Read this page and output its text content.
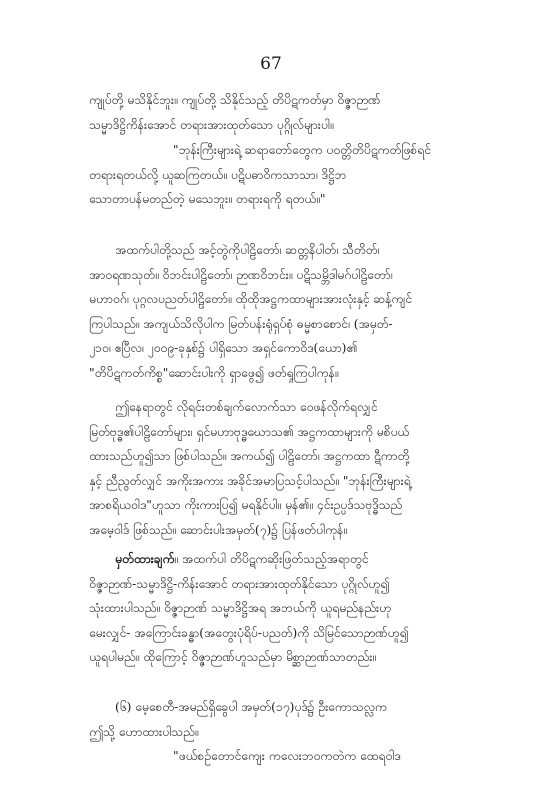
67
ကျုပ်တို့ မသိနိုင်ဘူး။ ကျုပ်တို့ သိနိုင်သည့် တိပိဋကတ်မှာ ဝိဇ္ဇာဉာဏ်
သမ္မာဒိဋ္ဌိကိန်းအောင် တရားအားထုတ်သော ပုဂ္ဂိုလ်များပါ။
"ဘုန်းကြီးများရဲ့ ဆရာတော်တွေက ပဝတ္တိတိပိဋကတ်ဖြစ်ရင်
တရားရတယ်လို့ ယူဆကြတယ်။ ပဋိပဓာဝိကသာသာ၊ ဒိဋ္ဌိဘ
သောတာပန်မတည်တဲ့ မသေဘူး။ တရားရကို ရတယ်။"
အထက်ပါတို့သည် အင့်တွဲကိုပါဠိတော်၊ ဆတ္တနိပါတ်၊ သီတိတ်၊
အာဝရဏသုတ်။ ဝိဘင်းပါဠိတော်၊ ဉာဏဝိဘင်း။ ပဋိသမ္ဘိဒါမဂ်ပါဠိတော်၊
မဟာဝဂ်၊ ပုဂ္ဂလပညတ်ပါဠိတော်။ ထိုထိုအဋ္ဌကထာများအားလုံးနှင့် ဆန့်ကျင်
ကြပါသည်။ အကျယ်သိလိုပါက မြတ်ပန်းရုံရှပ်စုံ ဓမ္မစာစောင်၊ (အမှတ်-
၂၁၀၊ ဧပြီလ၊ ၂၀၀၉-ခုနှစ်၌ ပါရှိသော အရှင်ကောဝိဒ(ယော)၏
"တိပိဋကတ်ကိစ္စ"ဆောင်းပါးကို ရှာဖွေ၍ ဖတ်ရှုကြပါကုန်။
ဤနေရာတွင် လိုရင်းတစ်ချက်လောက်သာ ဝေဖန်လိုက်ရလျှင်
မြတ်ဗုဒ္ဓ၏ပါဠိတော်များ၊ ရှင်မဟာဗုဒ္ဓဃောသ၏ အဋ္ဌကထာများကို မစိပယ်
ထားသည်ဟူ၍သာ ဖြစ်ပါသည်။ အကယ်၍ ပါဠိတော်၊ အဋ္ဌကထာ ဋီကာတို့
နှင့် ညီညွတ်လျှင် အကိုးအကား အခိုင်အမာပြသင့်ပါသည်။ "ဘုန်းကြီးများရဲ့
အာစရိယဝါဒ"ဟူသာ ကိုးကားပြ၍ မရနိုင်ပါ။ မှန်၏။ ၄င်းဥပ္ပဒ်သဗုဒ္ဓိသည်
အမေ့ဝါဒ် ဖြစ်သည်။ ဆောင်းပါးအမှတ်(၇)၌ ပြန်ဖတ်ပါကုန်။
မှတ်ထားချက်။ အထက်ပါ တိပိဋကဆိုးဖြတ်သည့်အရာတွင်
ဝိဇ္ဇာဉာဏ်-သမ္မာဒိဋ္ဌိ-ကိန်းအောင် တရားအားထုတ်နိုင်သော ပုဂ္ဂိုလ်ဟူ၍
သုံးထားပါသည်။ ဝိဇ္ဇာဉာဏ် သမ္မာဒိဋ္ဌိအရ အဘယ်ကို ယူရမည်နည်းဟု
မေးလျှင်- အကြောင်းခန္ဓာ(အတွေးပုံရိပ်-ပညတ်)ကို သိမြင်သောဉာဏ်ဟူ၍
ယူရပါမည်။ ထိုကြောင့် ဝိဇ္ဇာဉာဏ်ဟူသည်မှာ မိစ္ဆာဉာဏ်သာတည်း။
(၆) မေ့စေတီ-အမည်ရှိခွေပါ အမှတ်(၁၇)ပုဒ်၌ ဦးကောသလ္လက
ဤသို့ ဟောထားပါသည်။
"ဖယ်စဉ်တောင်ကျေး ကလေးဘဝကတဲက ထေရဝါဒ
